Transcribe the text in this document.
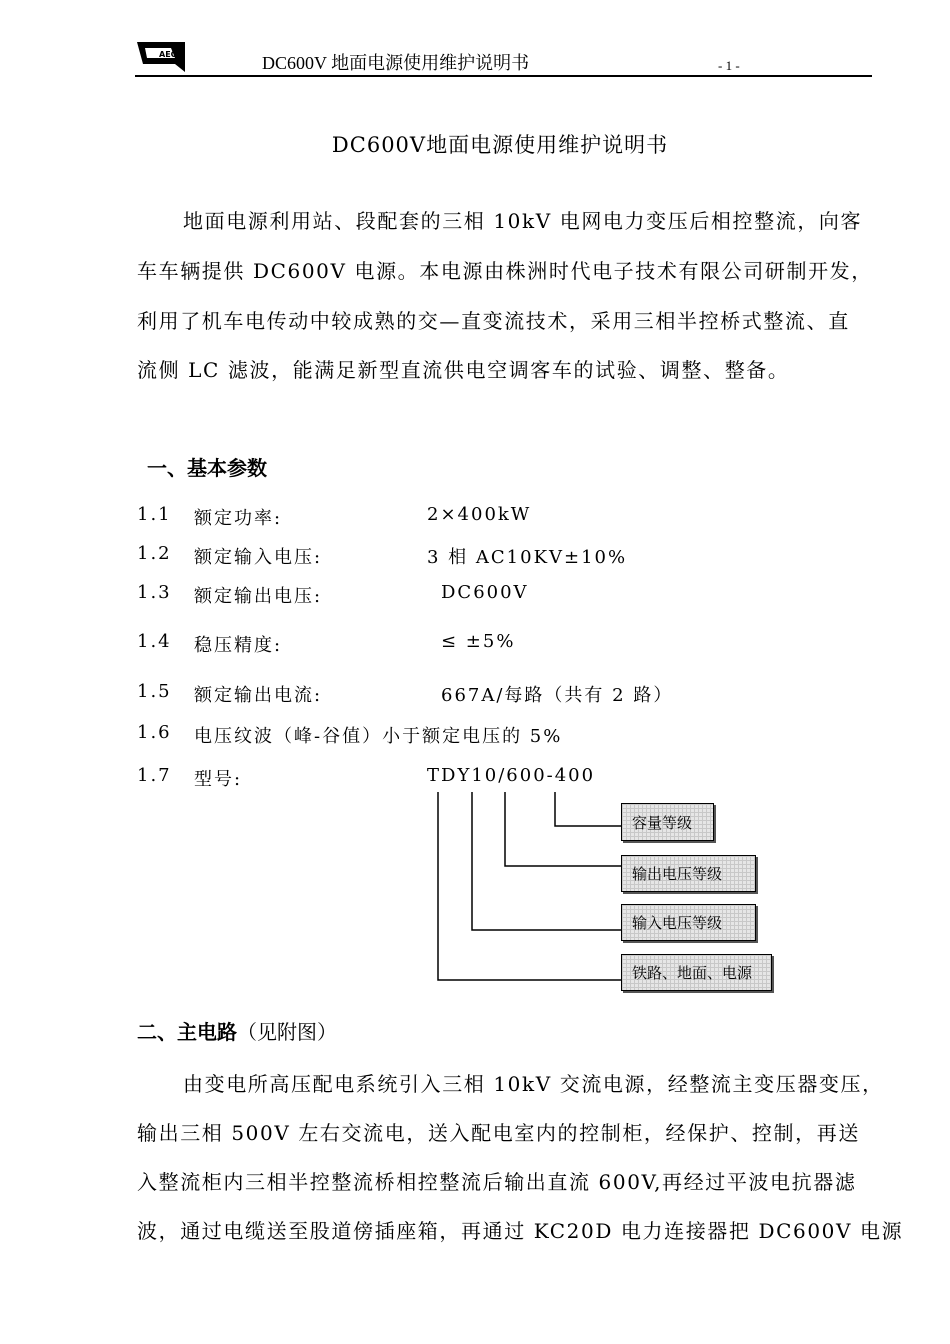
AEC	DC600V 地面电源使用维护说明书	- 1 -
DC600V地面电源使用维护说明书
地面电源利用站、段配套的三相 10kV 电网电力变压后相控整流，向客
车车辆提供 DC600V 电源。本电源由株洲时代电子技术有限公司研制开发，
利用了机车电传动中较成熟的交—直变流技术，采用三相半控桥式整流、直
流侧 LC 滤波，能满足新型直流供电空调客车的试验、调整、整备。
一、基本参数
1.1 额定功率:	2×400kW
1.2 额定输入电压:	3 相 AC10KV±10%
1.3 额定输出电压:	DC600V
1.4 稳压精度:	≤ ±5%
1.5 额定输出电流:	667A/每路（共有 2 路）
1.6 电压纹波（峰-谷值）小于额定电压的 5%
1.7 型号:	TDY10/600-400
容量等级
输出电压等级
输入电压等级
铁路、地面、电源
二、主电路（见附图）
由变电所高压配电系统引入三相 10kV 交流电源，经整流主变压器变压，
输出三相 500V 左右交流电，送入配电室内的控制柜，经保护、控制，再送
入整流柜内三相半控整流桥相控整流后输出直流 600V,再经过平波电抗器滤
波，通过电缆送至股道傍插座箱，再通过 KC20D 电力连接器把 DC600V 电源
